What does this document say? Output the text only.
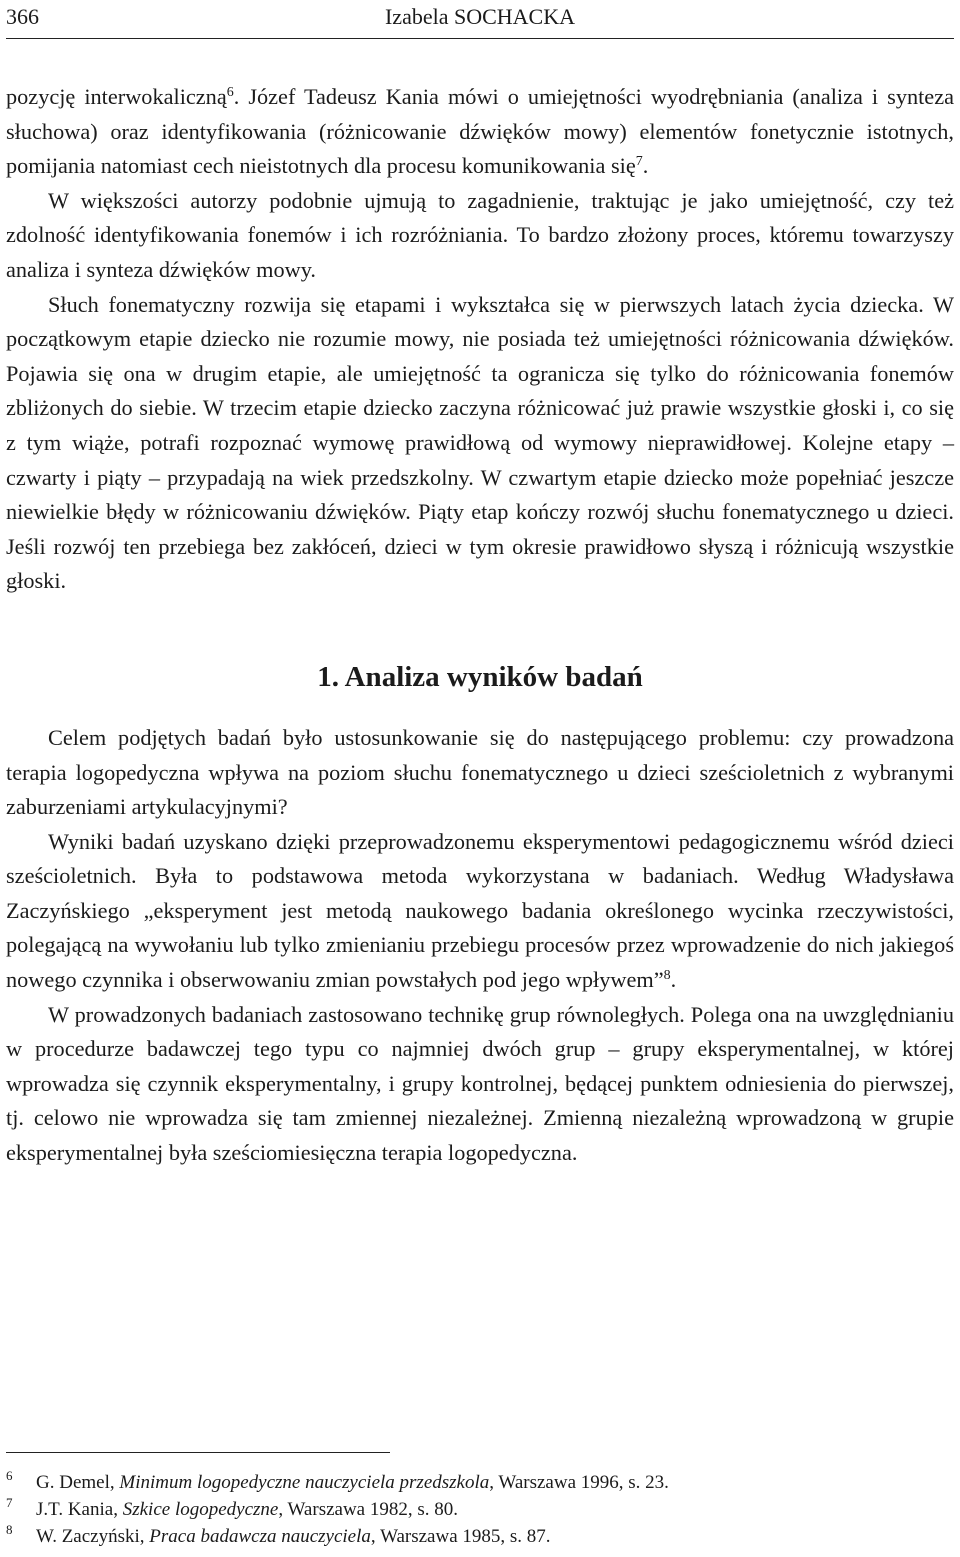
366	Izabela SOCHACKA

pozycję interwokaliczną$^6$. Józef Tadeusz Kania mówi o umiejętności wyodrębniania (analiza i synteza słuchowa) oraz identyfikowania (różnicowanie dźwięków mowy) elementów fonetycznie istotnych, pomijania natomiast cech nieistotnych dla procesu komunikowania się$^7$.

W większości autorzy podobnie ujmują to zagadnienie, traktując je jako umiejętność, czy też zdolność identyfikowania fonemów i ich rozróżniania. To bardzo złożony proces, któremu towarzyszy analiza i synteza dźwięków mowy.

Słuch fonematyczny rozwija się etapami i wykształca się w pierwszych latach życia dziecka. W początkowym etapie dziecko nie rozumie mowy, nie posiada też umiejętności różnicowania dźwięków. Pojawia się ona w drugim etapie, ale umiejętność ta ogranicza się tylko do różnicowania fonemów zbliżonych do siebie. W trzecim etapie dziecko zaczyna różnicować już prawie wszystkie głoski i, co się z tym wiąże, potrafi rozpoznać wymowę prawidłową od wymowy nieprawidłowej. Kolejne etapy – czwarty i piąty – przypadają na wiek przedszkolny. W czwartym etapie dziecko może popełniać jeszcze niewielkie błędy w różnicowaniu dźwięków. Piąty etap kończy rozwój słuchu fonematycznego u dzieci. Jeśli rozwój ten przebiega bez zakłóceń, dzieci w tym okresie prawidłowo słyszą i różnicują wszystkie głoski.

1. Analiza wyników badań

Celem podjętych badań było ustosunkowanie się do następującego problemu: czy prowadzona terapia logopedyczna wpływa na poziom słuchu fonematycznego u dzieci sześcioletnich z wybranymi zaburzeniami artykulacyjnymi?

Wyniki badań uzyskano dzięki przeprowadzonemu eksperymentowi pedagogicznemu wśród dzieci sześcioletnich. Była to podstawowa metoda wykorzystana w badaniach. Według Władysława Zaczyńskiego „eksperyment jest metodą naukowego badania określonego wycinka rzeczywistości, polegającą na wywołaniu lub tylko zmienianiu przebiegu procesów przez wprowadzenie do nich jakiegoś nowego czynnika i obserwowaniu zmian powstałych pod jego wpływem”$^8$.

W prowadzonych badaniach zastosowano technikę grup równoległych. Polega ona na uwzględnianiu w procedurze badawczej tego typu co najmniej dwóch grup – grupy eksperymentalnej, w której wprowadza się czynnik eksperymentalny, i grupy kontrolnej, będącej punktem odniesienia do pierwszej, tj. celowo nie wprowadza się tam zmiennej niezależnej. Zmienną niezależną wprowadzoną w grupie eksperymentalnej była sześciomiesięczna terapia logopedyczna.

6 G. Demel, Minimum logopedyczne nauczyciela przedszkola, Warszawa 1996, s. 23.
7 J.T. Kania, Szkice logopedyczne, Warszawa 1982, s. 80.
8 W. Zaczyński, Praca badawcza nauczyciela, Warszawa 1985, s. 87.
